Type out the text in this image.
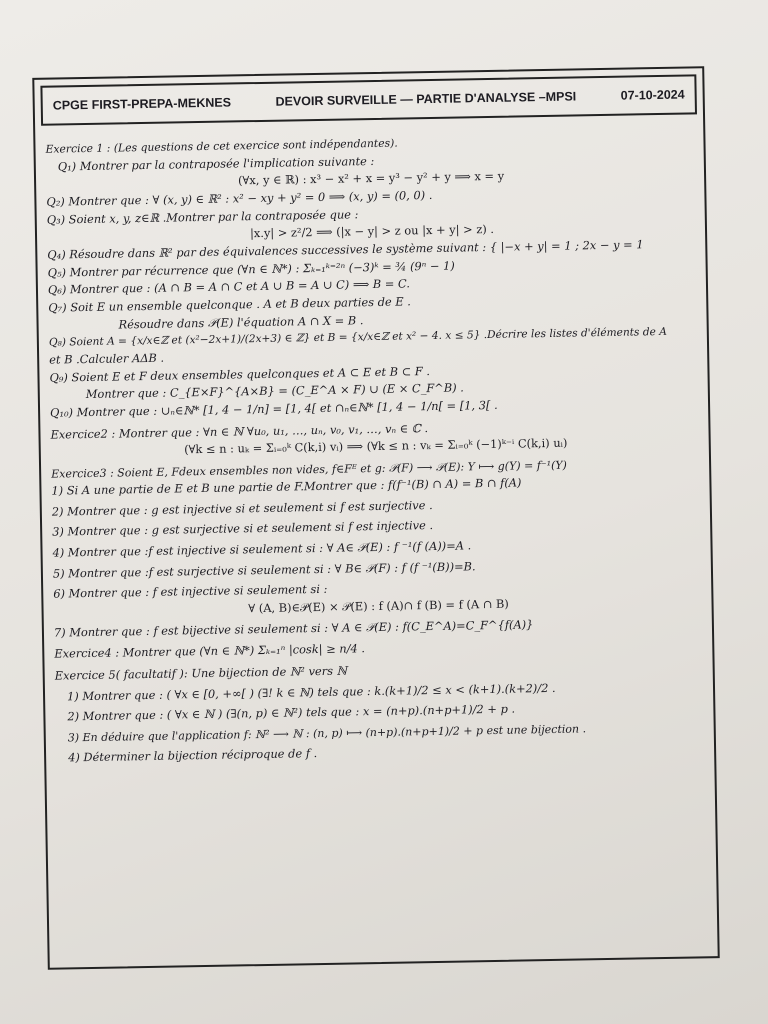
CPGE FIRST-PREPA-MEKNES	DEVOIR SURVEILLE — PARTIE D'ANALYSE –MPSI	07-10-2024
Exercice 1 : (Les questions de cet exercice sont indépendantes).
Q₁) Montrer par la contraposée l'implication suivante :
(∀x, y ∈ ℝ) : x³ − x² + x = y³ − y² + y ⟹ x = y
Q₂) Montrer que : ∀ (x, y) ∈ ℝ² : x² − xy + y² = 0 ⟹ (x, y) = (0, 0) .
Q₃) Soient x, y, z∈ℝ .Montrer par la contraposée que :
|x.y| > z²/2 ⟹ (|x − y| > z ou |x + y| > z) .
Q₄) Résoudre dans ℝ² par des équivalences successives le système suivant : { |−x + y| = 1 ; 2x − y = 1
Q₅) Montrer par récurrence que (∀n ∈ ℕ*) : Σₖ₌₁ᵏ⁼²ⁿ (−3)ᵏ = ¾ (9ⁿ − 1)
Q₆) Montrer que : (A ∩ B = A ∩ C et A ∪ B = A ∪ C) ⟹ B = C.
Q₇) Soit E un ensemble quelconque . A et B deux parties de E .
Résoudre dans 𝒫(E) l'équation A ∩ X = B .
Q₈) Soient A = {x/x∈ℤ et (x²−2x+1)/(2x+3) ∈ ℤ} et B = {x/x∈ℤ et x² − 4. x ≤ 5} .Décrire les listes d'éléments de A
et B .Calculer AΔB .
Q₉) Soient E et F deux ensembles quelconques et A ⊂ E et B ⊂ F .
Montrer que : C_{E×F}^{A×B} = (C_E^A × F) ∪ (E × C_F^B) .
Q₁₀) Montrer que : ∪ₙ∈ℕ* [1, 4 − 1/n] = [1, 4[ et ∩ₙ∈ℕ* [1, 4 − 1/n[ = [1, 3[ .
Exercice2 : Montrer que : ∀n ∈ ℕ ∀u₀, u₁, …, uₙ, v₀, v₁, …, vₙ ∈ ℂ .
(∀k ≤ n : uₖ = Σᵢ₌₀ᵏ C(k,i) vᵢ) ⟹ (∀k ≤ n : vₖ = Σᵢ₌₀ᵏ (−1)ᵏ⁻ⁱ C(k,i) uᵢ)
Exercice3 : Soient E, Fdeux ensembles non vides, f∈Fᴱ et g: 𝒫(F) ⟶ 𝒫(E): Y ⟼ g(Y) = f⁻¹(Y)
1) Si A une partie de E et B une partie de F.Montrer que : f(f⁻¹(B) ∩ A) = B ∩ f(A)
2) Montrer que : g est injective si et seulement si f est surjective .
3) Montrer que : g est surjective si et seulement si f est injective .
4) Montrer que :f est injective si seulement si : ∀ A∈ 𝒫(E) : f ⁻¹(f (A))=A .
5) Montrer que :f est surjective si seulement si : ∀ B∈ 𝒫(F) : f (f ⁻¹(B))=B.
6) Montrer que : f est injective si seulement si :
∀ (A, B)∈𝒫(E) × 𝒫(E) : f (A)∩ f (B) = f (A ∩ B)
7) Montrer que : f est bijective si seulement si : ∀ A ∈ 𝒫(E) : f(C_E^A)=C_F^{f(A)}
Exercice4 : Montrer que (∀n ∈ ℕ*) Σₖ₌₁ⁿ |cosk| ≥ n/4 .
Exercice 5( facultatif ): Une bijection de ℕ² vers ℕ
1) Montrer que : ( ∀x ∈ [0, +∞[ ) (∃! k ∈ ℕ) tels que : k.(k+1)/2 ≤ x < (k+1).(k+2)/2 .
2) Montrer que : ( ∀x ∈ ℕ ) (∃(n, p) ∈ ℕ²) tels que : x = (n+p).(n+p+1)/2 + p .
3) En déduire que l'application f: ℕ² ⟶ ℕ : (n, p) ⟼ (n+p).(n+p+1)/2 + p est une bijection .
4) Déterminer la bijection réciproque de f .
